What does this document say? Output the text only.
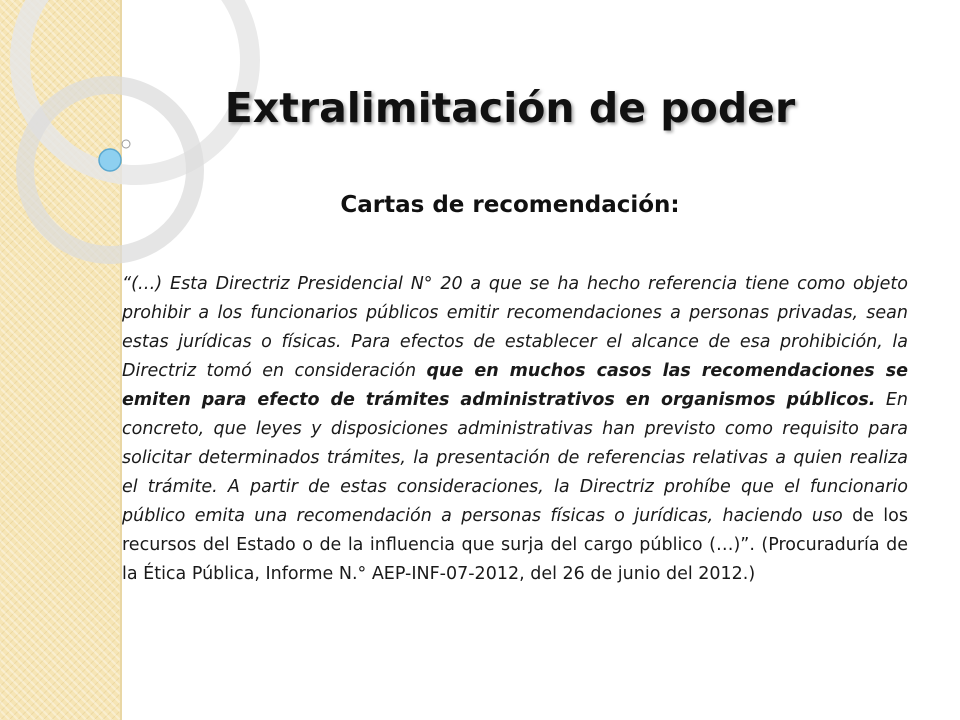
Extralimitación de poder
Cartas de recomendación:

“(…) Esta Directriz Presidencial N° 20 a que se ha hecho referencia tiene como objeto prohibir a los funcionarios públicos emitir recomendaciones a personas privadas, sean estas jurídicas o físicas. Para efectos de establecer el alcance de esa prohibición, la Directriz tomó en consideración que en muchos casos las recomendaciones se emiten para efecto de trámites administrativos en organismos públicos. En concreto, que leyes y disposiciones administrativas han previsto como requisito para solicitar determinados trámites, la presentación de referencias relativas a quien realiza el trámite. A partir de estas consideraciones, la Directriz prohíbe que el funcionario público emita una recomendación a personas físicas o jurídicas, haciendo uso de los recursos del Estado o de la influencia que surja del cargo público (…)”. (Procuraduría de la Ética Pública, Informe N.° AEP-INF-07-2012, del 26 de junio del 2012.)
